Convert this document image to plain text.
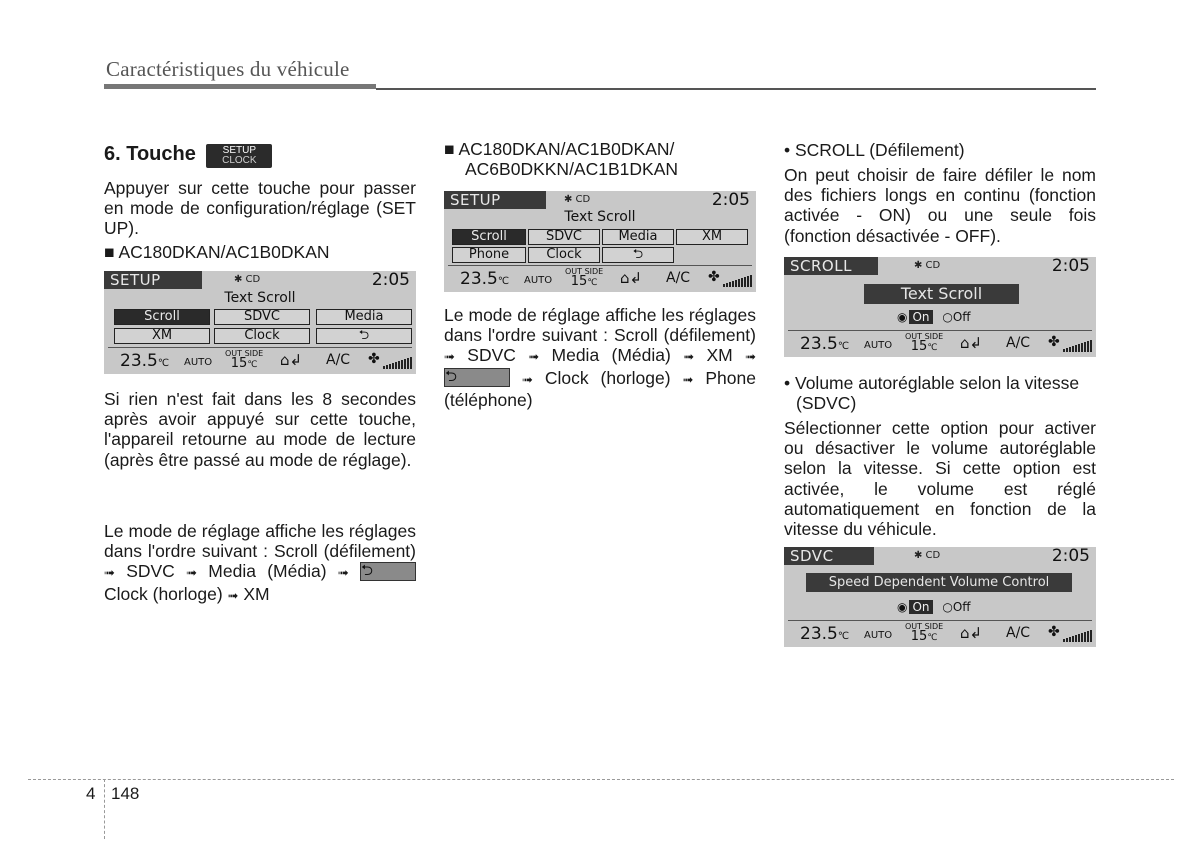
Caractéristiques du véhicule
6. Touche	SETUP
CLOCK
Appuyer sur cette touche pour passer en mode de configuration/réglage (SET UP).
■ AC180DKAN/AC1B0DKAN
SETUP	✱ CD	2:05
Text Scroll
Scroll	SDVC	Media
XM	Clock	⮌
23.5℃ AUTO
OUT SIDE
15℃	⌂↲ A/C ✤
Si rien n'est fait dans les 8 secondes après avoir appuyé sur cette touche, l'appareil retourne au mode de lecture (après être passé au mode de réglage).
Le mode de réglage affiche les réglages dans l'ordre suivant : Scroll (défilement) ➟ SDVC ➟ Media (Média) ➟ ⮌ Clock (horloge) ➟ XM
■ AC180DKAN/AC1B0DKAN/
AC6B0DKKN/AC1B1DKAN
SETUP	✱ CD	2:05
Text Scroll
Scroll	SDVC	Media	XM
Phone	Clock	⮌
23.5℃ AUTO
OUT SIDE
15℃	⌂↲ A/C ✤
Le mode de réglage affiche les réglages dans l'ordre suivant : Scroll (défilement) ➟ SDVC ➟ Media (Média) ➟ XM ➟ ⮌	➟ Clock (horloge) ➟ Phone (téléphone)
• SCROLL (Défilement)
On peut choisir de faire défiler le nom des fichiers longs en continu (fonction activée - ON) ou une seule fois (fonction désactivée - OFF).
SCROLL	✱ CD	2:05
Text Scroll
◉ On ○Off
23.5℃ AUTO
OUT SIDE
15℃	⌂↲ A/C ✤
• Volume autoréglable selon la vitesse
(SDVC)
Sélectionner cette option pour activer ou désactiver le volume autoréglable selon la vitesse. Si cette option est activée, le volume est réglé automatiquement en fonction de la vitesse du véhicule.
SDVC	✱ CD	2:05
Speed Dependent Volume Control
◉ On ○Off
23.5℃ AUTO
OUT SIDE
15℃	⌂↲ A/C ✤
4 148
